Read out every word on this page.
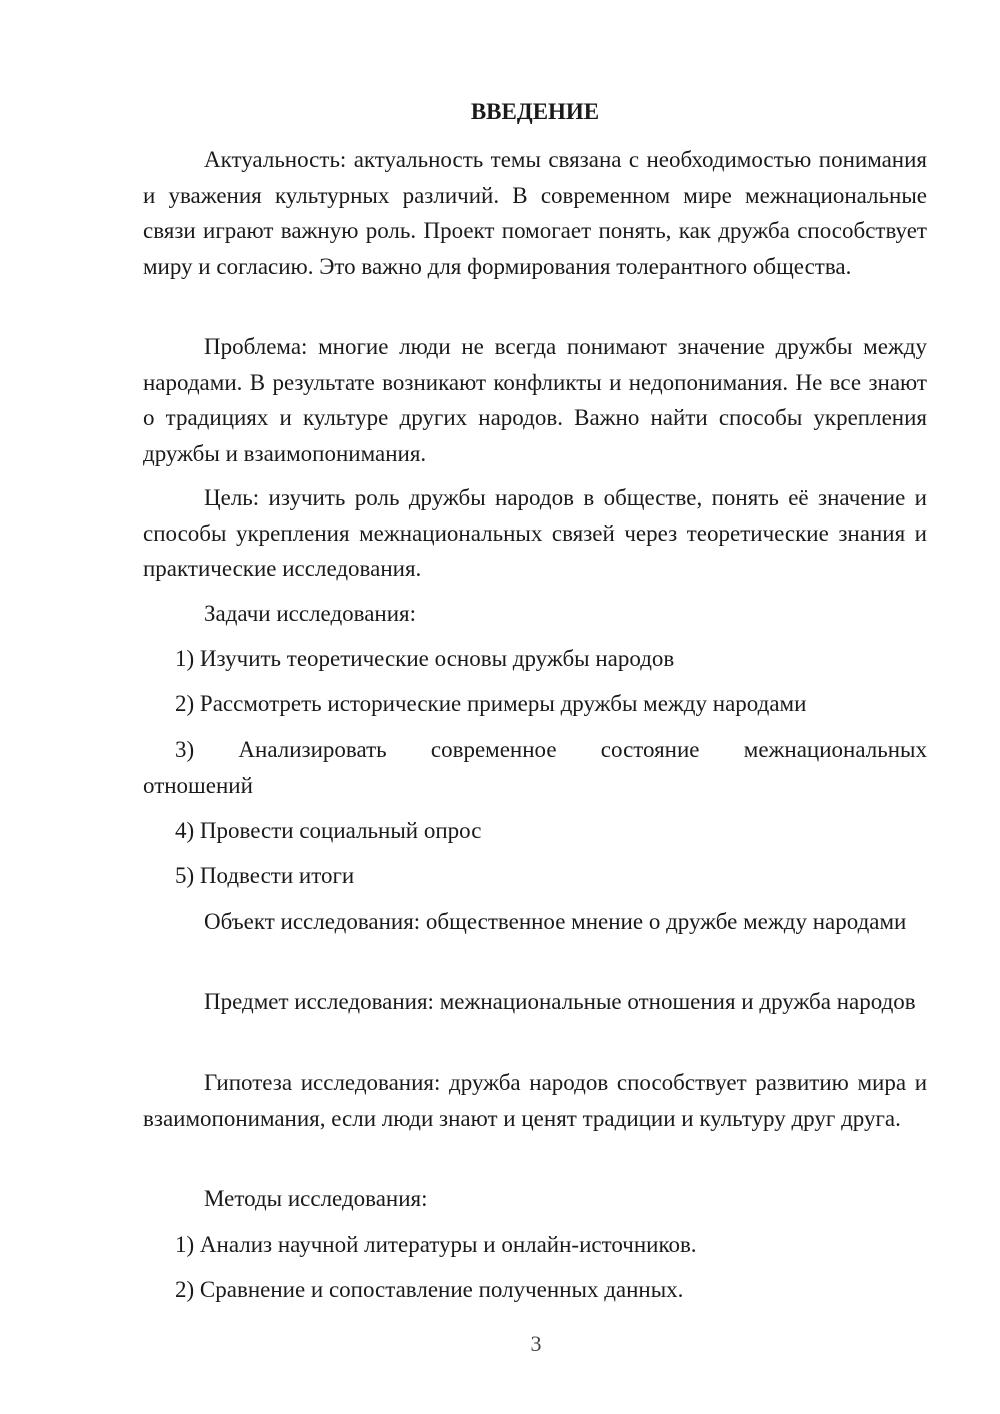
ВВЕДЕНИЕ

Актуальность: актуальность темы связана с необходимостью понимания и уважения культурных различий. В современном мире межнациональные связи играют важную роль. Проект помогает понять, как дружба способствует миру и согласию. Это важно для формирования толерантного общества.

Проблема: многие люди не всегда понимают значение дружбы между народами. В результате возникают конфликты и недопонимания. Не все знают о традициях и культуре других народов. Важно найти способы укрепления дружбы и взаимопонимания.

Цель: изучить роль дружбы народов в обществе, понять её значение и способы укрепления межнациональных связей через теоретические знания и практические исследования.

Задачи исследования:

1) Изучить теоретические основы дружбы народов

2) Рассмотреть исторические примеры дружбы между народами

3) Анализировать современное состояние межнациональных отношений

4) Провести социальный опрос

5) Подвести итоги

Объект исследования: общественное мнение о дружбе между народами

Предмет исследования: межнациональные отношения и дружба народов

Гипотеза исследования: дружба народов способствует развитию мира и взаимопонимания, если люди знают и ценят традиции и культуру друг друга.

Методы исследования:

1) Анализ научной литературы и онлайн-источников.

2) Сравнение и сопоставление полученных данных.

3
